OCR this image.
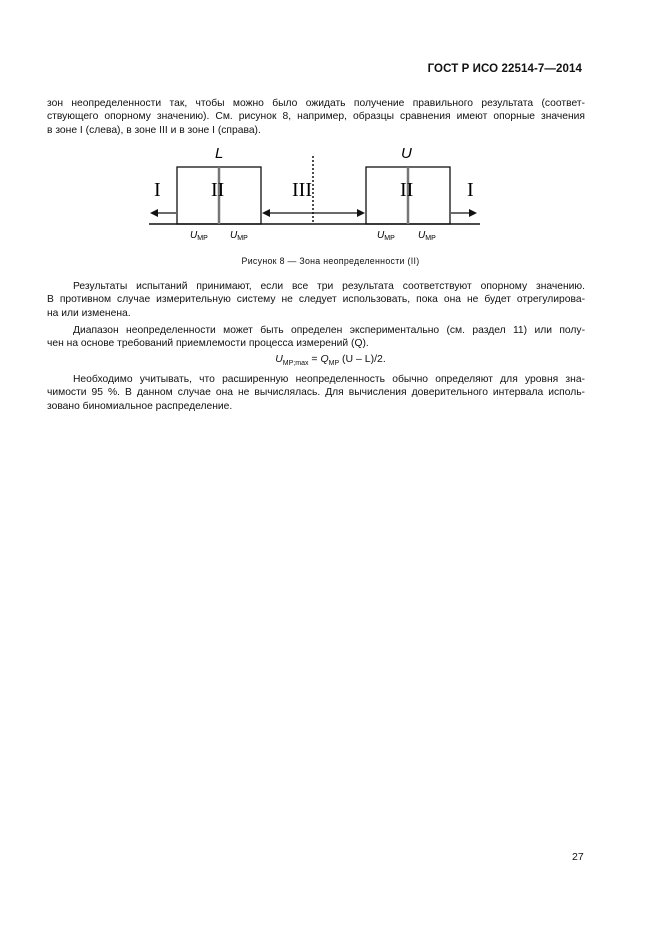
ГОСТ Р ИСО 22514-7—2014
зон неопределенности так, чтобы можно было ожидать получение правильного результата (соответ-
ствующего опорному значению). См. рисунок 8, например, образцы сравнения имеют опорные значения
в зоне I (слева), в зоне III и в зоне I (справа).
L	U
I	II	III	II	I
$U_{MP}$ $U_{MP}$	$U_{MP}$ $U_{MP}$
Рисунок 8 — Зона неопределенности (II)
Результаты испытаний принимают, если все три результата соответствуют опорному значению.
В противном случае измерительную систему не следует использовать, пока она не будет отрегулирова-
на или изменена.
Диапазон неопределенности может быть определен экспериментально (см. раздел 11) или полу-
чен на основе требований приемлемости процесса измерений (Q).
$U_{MP;max} = Q_{MP}$ (U – L)/2.
Необходимо учитывать, что расширенную неопределенность обычно определяют для уровня зна-
чимости 95 %. В данном случае она не вычислялась. Для вычисления доверительного интервала исполь-
зовано биномиальное распределение.
27
